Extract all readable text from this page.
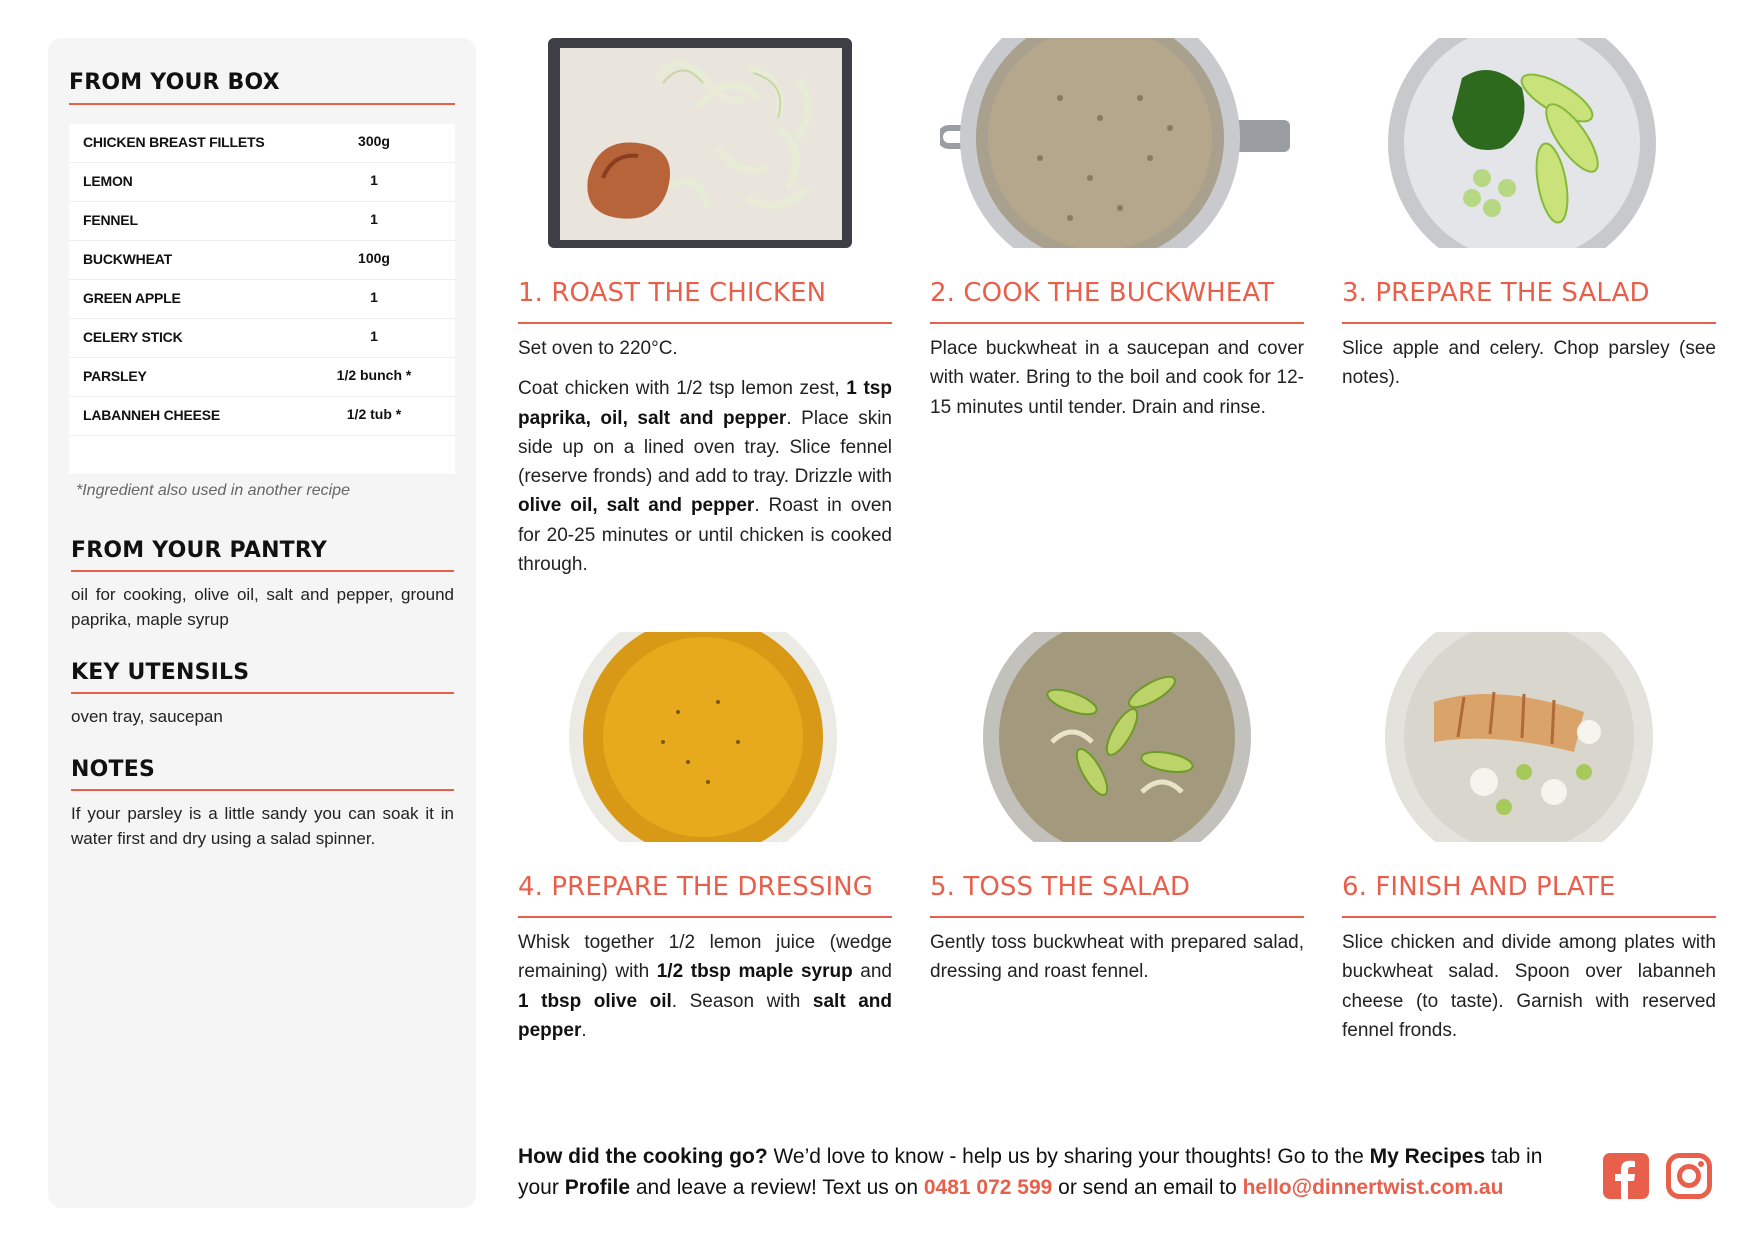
FROM YOUR BOX
CHICKEN BREAST FILLETS	300g
LEMON	1
FENNEL	1
BUCKWHEAT	100g
GREEN APPLE	1
CELERY STICK	1
PARSLEY	1/2 bunch *
LABANNEH CHEESE	1/2 tub *
*Ingredient also used in another recipe
FROM YOUR PANTRY
oil for cooking, olive oil, salt and pepper, ground paprika, maple syrup
KEY UTENSILS
oven tray, saucepan
NOTES
If your parsley is a little sandy you can soak it in water first and dry using a salad spinner.
1. ROAST THE CHICKEN

Set oven to 220°C.

Coat chicken with 1/2 tsp lemon zest, 1 tsp paprika, oil, salt and pepper. Place skin side up on a lined oven tray. Slice fennel (reserve fronds) and add to tray. Drizzle with olive oil, salt and pepper. Roast in oven for 20-25 minutes or until chicken is cooked through.

2. COOK THE BUCKWHEAT

Place buckwheat in a saucepan and cover with water. Bring to the boil and cook for 12-15 minutes until tender. Drain and rinse.

3. PREPARE THE SALAD

Slice apple and celery. Chop parsley (see notes).

4. PREPARE THE DRESSING

Whisk together 1/2 lemon juice (wedge remaining) with 1/2 tbsp maple syrup and 1 tbsp olive oil. Season with salt and pepper.

5. TOSS THE SALAD

Gently toss buckwheat with prepared salad, dressing and roast fennel.

6. FINISH AND PLATE

Slice chicken and divide among plates with buckwheat salad. Spoon over labanneh cheese (to taste). Garnish with reserved fennel fronds.

How did the cooking go? We’d love to know - help us by sharing your thoughts! Go to the My Recipes tab in your Profile and leave a review! Text us on 0481 072 599 or send an email to hello@dinnertwist.com.au
